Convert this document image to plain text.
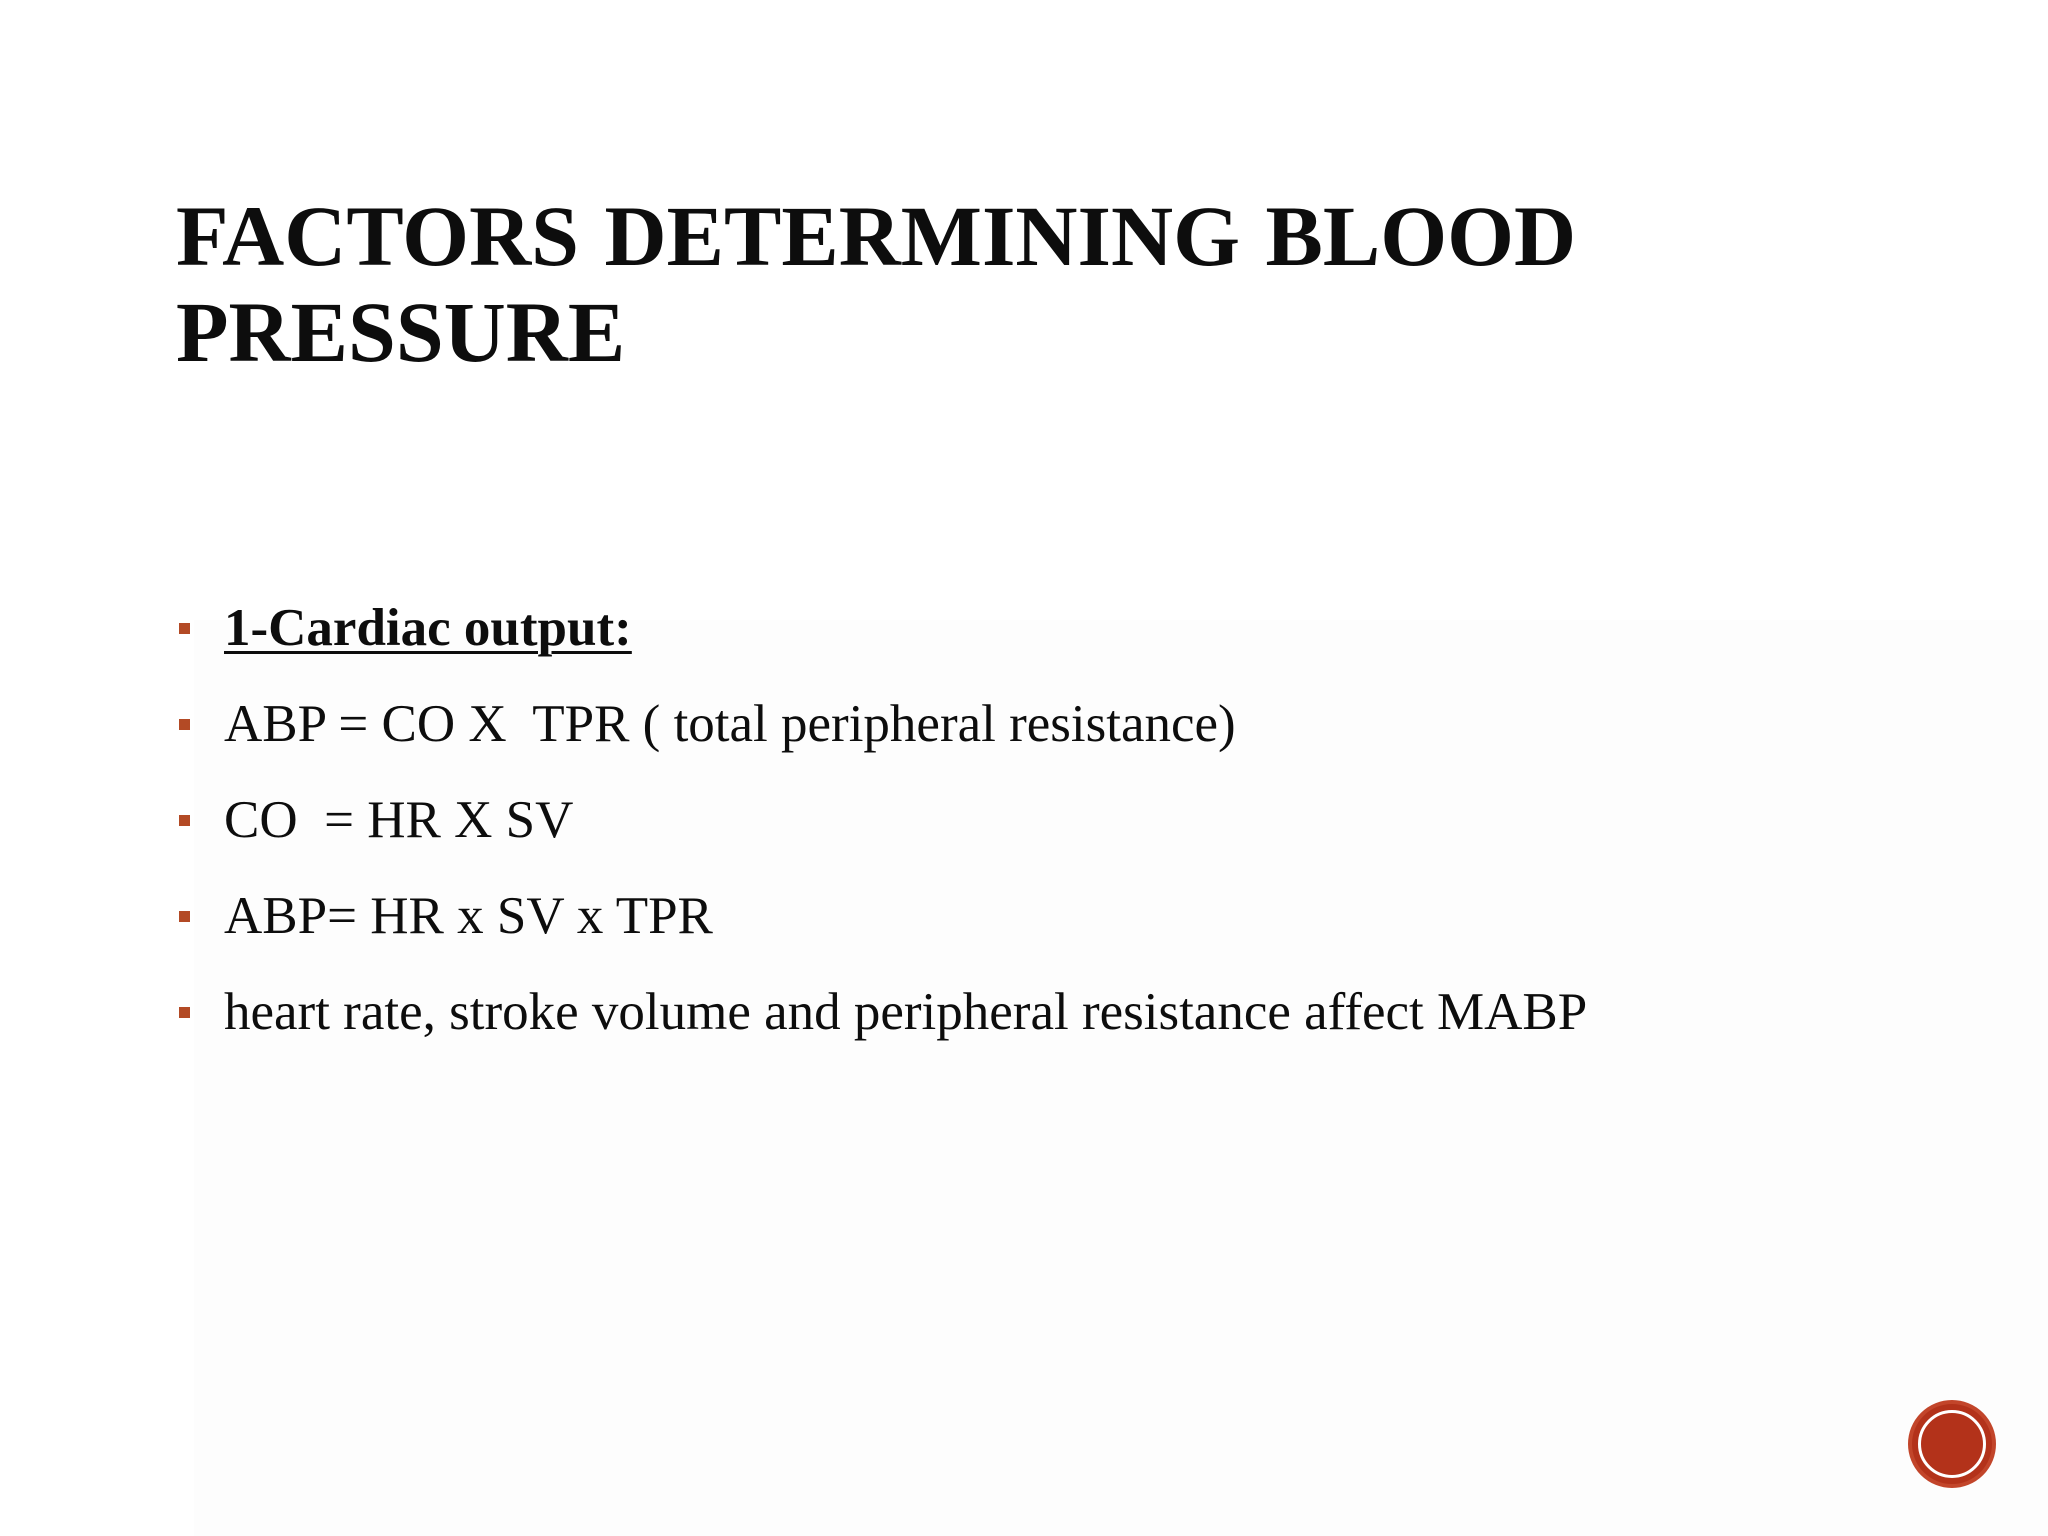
FACTORS DETERMINING BLOOD PRESSURE
1-Cardiac output:
ABP = CO X  TPR ( total peripheral resistance)
CO  = HR X SV
ABP= HR x SV x TPR
heart rate, stroke volume and peripheral resistance affect MABP
